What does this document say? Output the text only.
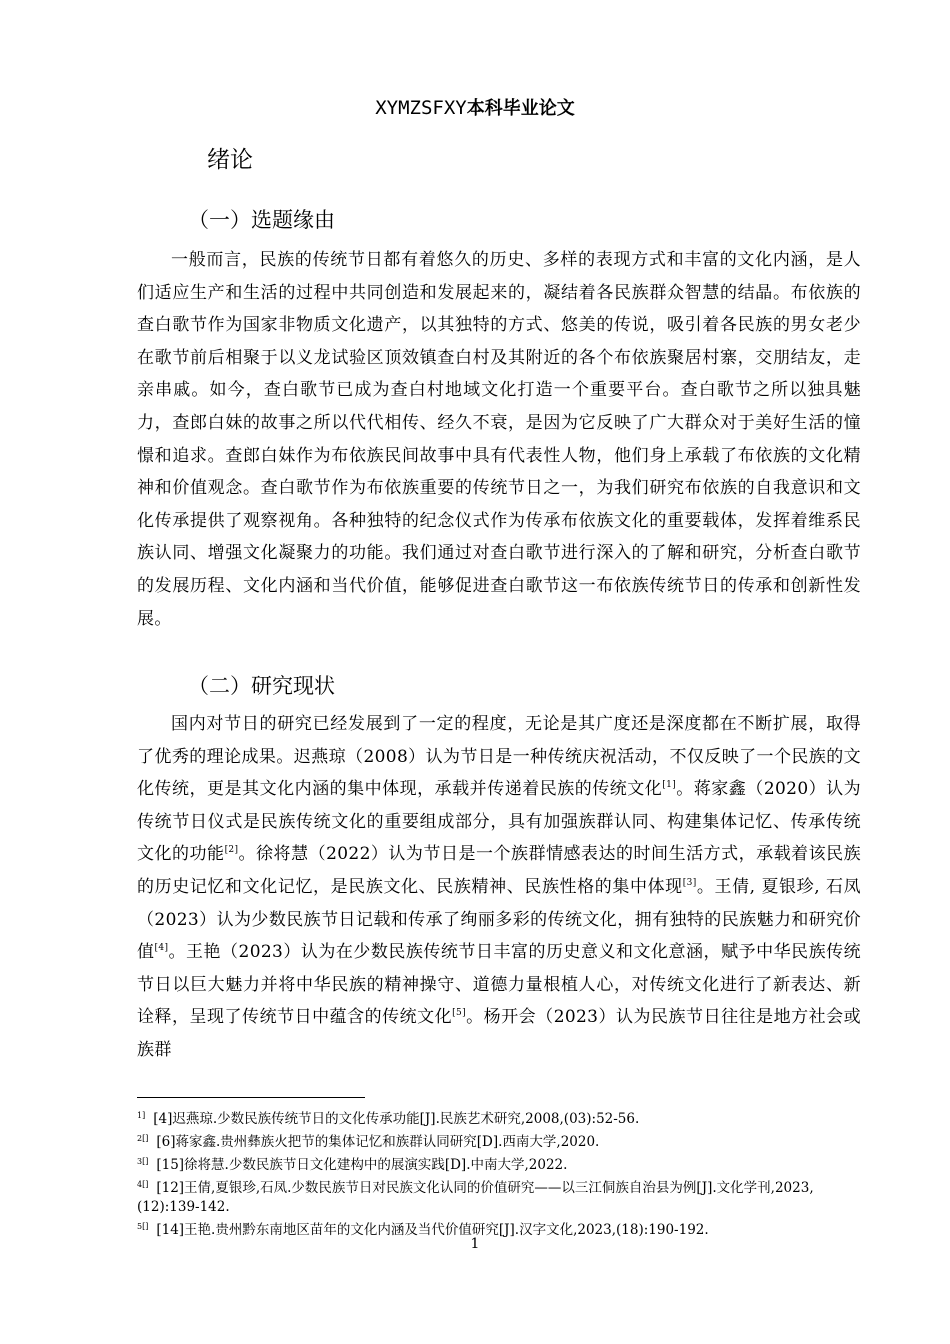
XYMZSFXY本科毕业论文
绪论
（一）选题缘由

一般而言，民族的传统节日都有着悠久的历史、多样的表现方式和丰富的文化内涵，是人们适应生产和生活的过程中共同创造和发展起来的，凝结着各民族群众智慧的结晶。布依族的查白歌节作为国家非物质文化遗产，以其独特的方式、悠美的传说，吸引着各民族的男女老少在歌节前后相聚于以义龙试验区顶效镇查白村及其附近的各个布依族聚居村寨，交朋结友，走亲串戚。如今，查白歌节已成为查白村地域文化打造一个重要平台。查白歌节之所以独具魅力，查郎白妹的故事之所以代代相传、经久不衰，是因为它反映了广大群众对于美好生活的憧憬和追求。查郎白妹作为布依族民间故事中具有代表性人物，他们身上承载了布依族的文化精神和价值观念。查白歌节作为布依族重要的传统节日之一，为我们研究布依族的自我意识和文化传承提供了观察视角。各种独特的纪念仪式作为传承布依族文化的重要载体，发挥着维系民族认同、增强文化凝聚力的功能。我们通过对查白歌节进行深入的了解和研究，分析查白歌节的发展历程、文化内涵和当代价值，能够促进查白歌节这一布依族传统节日的传承和创新性发展。

（二）研究现状

国内对节日的研究已经发展到了一定的程度，无论是其广度还是深度都在不断扩展，取得了优秀的理论成果。迟燕琼（2008）认为节日是一种传统庆祝活动，不仅反映了一个民族的文化传统，更是其文化内涵的集中体现，承载并传递着民族的传统文化[1]。蒋家鑫（2020）认为传统节日仪式是民族传统文化的重要组成部分，具有加强族群认同、构建集体记忆、传承传统文化的功能[2]。徐将慧（2022）认为节日是一个族群情感表达的时间生活方式，承载着该民族的历史记忆和文化记忆，是民族文化、民族精神、民族性格的集中体现[3]。王倩, 夏银珍, 石凤（2023）认为少数民族节日记载和传承了绚丽多彩的传统文化，拥有独特的民族魅力和研究价值[4]。王艳（2023）认为在少数民族传统节日丰富的历史意义和文化意涵，赋予中华民族传统节日以巨大魅力并将中华民族的精神操守、道德力量根植人心，对传统文化进行了新表达、新诠释，呈现了传统节日中蕴含的传统文化[5]。杨开会（2023）认为民族节日往往是地方社会或族群

$^{1]}$ [4]迟燕琼.少数民族传统节日的文化传承功能[J].民族艺术研究,2008,(03):52-56.

$^{2[]}$ [6]蒋家鑫.贵州彝族火把节的集体记忆和族群认同研究[D].西南大学,2020.

$^{3[]}$ [15]徐将慧.少数民族节日文化建构中的展演实践[D].中南大学,2022.

$^{4[]}$ [12]王倩,夏银珍,石凤.少数民族节日对民族文化认同的价值研究——以三江侗族自治县为例[J].文化学刊,2023,(12):139-142.

$^{5[]}$ [14]王艳.贵州黔东南地区苗年的文化内涵及当代价值研究[J].汉字文化,2023,(18):190-192.

1
